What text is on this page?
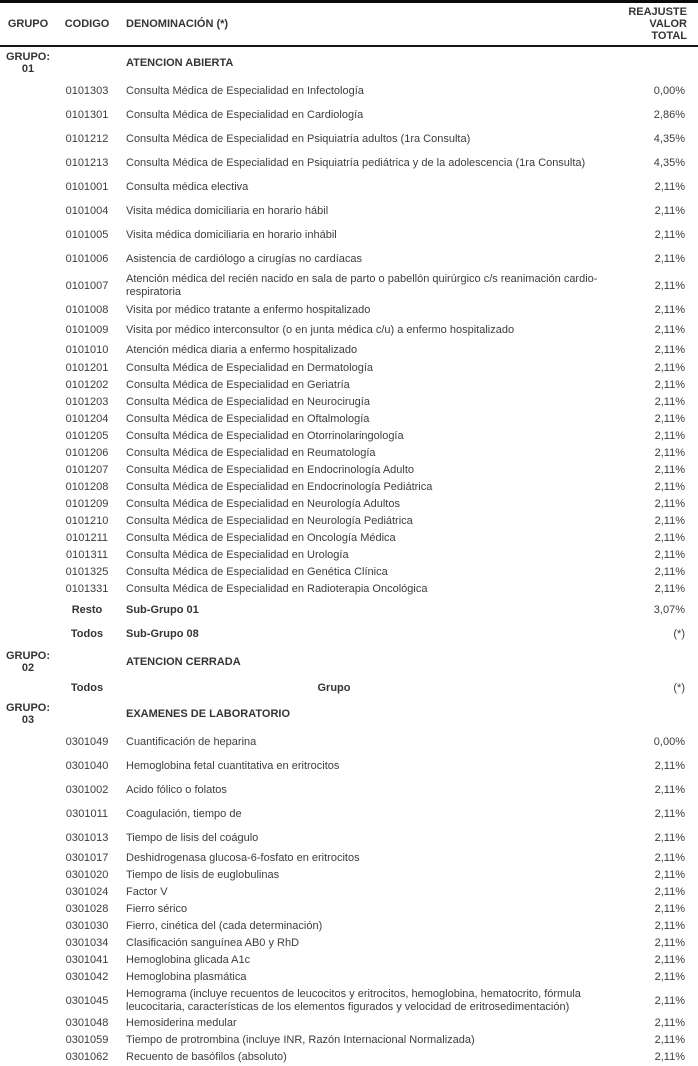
GRUPO	CODIGO	DENOMINACIÓN (*)	REAJUSTE
VALOR
TOTAL

GRUPO:
01		ATENCION ABIERTA	
	0101303	Consulta Médica de Especialidad en Infectología	0,00%
	0101301	Consulta Médica de Especialidad en Cardiología	2,86%
	0101212	Consulta Médica de Especialidad en Psiquiatría adultos (1ra Consulta)	4,35%
	0101213	Consulta Médica de Especialidad en Psiquiatría pediátrica y de la adolescencia (1ra Consulta)	4,35%
	0101001	Consulta médica electiva	2,11%
	0101004	Visita médica domiciliaria en horario hábil	2,11%
	0101005	Visita médica domiciliaria en horario inhábil	2,11%
	0101006	Asistencia de cardiólogo a cirugías no cardíacas	2,11%
	0101007	Atención médica del recién nacido en sala de parto o pabellón quirúrgico c/s reanimación cardio-respiratoria	2,11%
	0101008	Visita por médico tratante a enfermo hospitalizado	2,11%
	0101009	Visita por médico interconsultor (o en junta médica c/u) a enfermo hospitalizado	2,11%
	0101010	Atención médica diaria a enfermo hospitalizado	2,11%
	0101201	Consulta Médica de Especialidad en Dermatología	2,11%
	0101202	Consulta Médica de Especialidad en Geriatría	2,11%
	0101203	Consulta Médica de Especialidad en Neurocirugía	2,11%
	0101204	Consulta Médica de Especialidad en Oftalmología	2,11%
	0101205	Consulta Médica de Especialidad en Otorrinolaringología	2,11%
	0101206	Consulta Médica de Especialidad en Reumatología	2,11%
	0101207	Consulta Médica de Especialidad en Endocrinología Adulto	2,11%
	0101208	Consulta Médica de Especialidad en Endocrinología Pediátrica	2,11%
	0101209	Consulta Médica de Especialidad en Neurología Adultos	2,11%
	0101210	Consulta Médica de Especialidad en Neurología Pediátrica	2,11%
	0101211	Consulta Médica de Especialidad en Oncología Médica	2,11%
	0101311	Consulta Médica de Especialidad en Urología	2,11%
	0101325	Consulta Médica de Especialidad en Genética Clínica	2,11%
	0101331	Consulta Médica de Especialidad en Radioterapia Oncológica	2,11%
	Resto	Sub-Grupo 01	3,07%
	Todos	Sub-Grupo 08	(*)

GRUPO:
02		ATENCION CERRADA	
	Todos	Grupo	(*)

GRUPO:
03		EXAMENES DE LABORATORIO	
	0301049	Cuantificación de heparina	0,00%
	0301040	Hemoglobina fetal cuantitativa en eritrocitos	2,11%
	0301002	Acido fólico o folatos	2,11%
	0301011	Coagulación, tiempo de	2,11%
	0301013	Tiempo de lisis del coágulo	2,11%
	0301017	Deshidrogenasa glucosa-6-fosfato en eritrocitos	2,11%
	0301020	Tiempo de lisis de euglobulinas	2,11%
	0301024	Factor V	2,11%
	0301028	Fierro sérico	2,11%
	0301030	Fierro, cinética del (cada determinación)	2,11%
	0301034	Clasificación sanguínea AB0 y RhD	2,11%
	0301041	Hemoglobina glicada A1c	2,11%
	0301042	Hemoglobina plasmática	2,11%
	0301045	Hemograma (incluye recuentos de leucocitos y eritrocitos, hemoglobina, hematocrito, fórmula leucocitaria, características de los elementos figurados y velocidad de eritrosedimentación)	2,11%
	0301048	Hemosiderina medular	2,11%
	0301059	Tiempo de protrombina (incluye INR, Razón Internacional Normalizada)	2,11%
	0301062	Recuento de basófilos (absoluto)	2,11%
